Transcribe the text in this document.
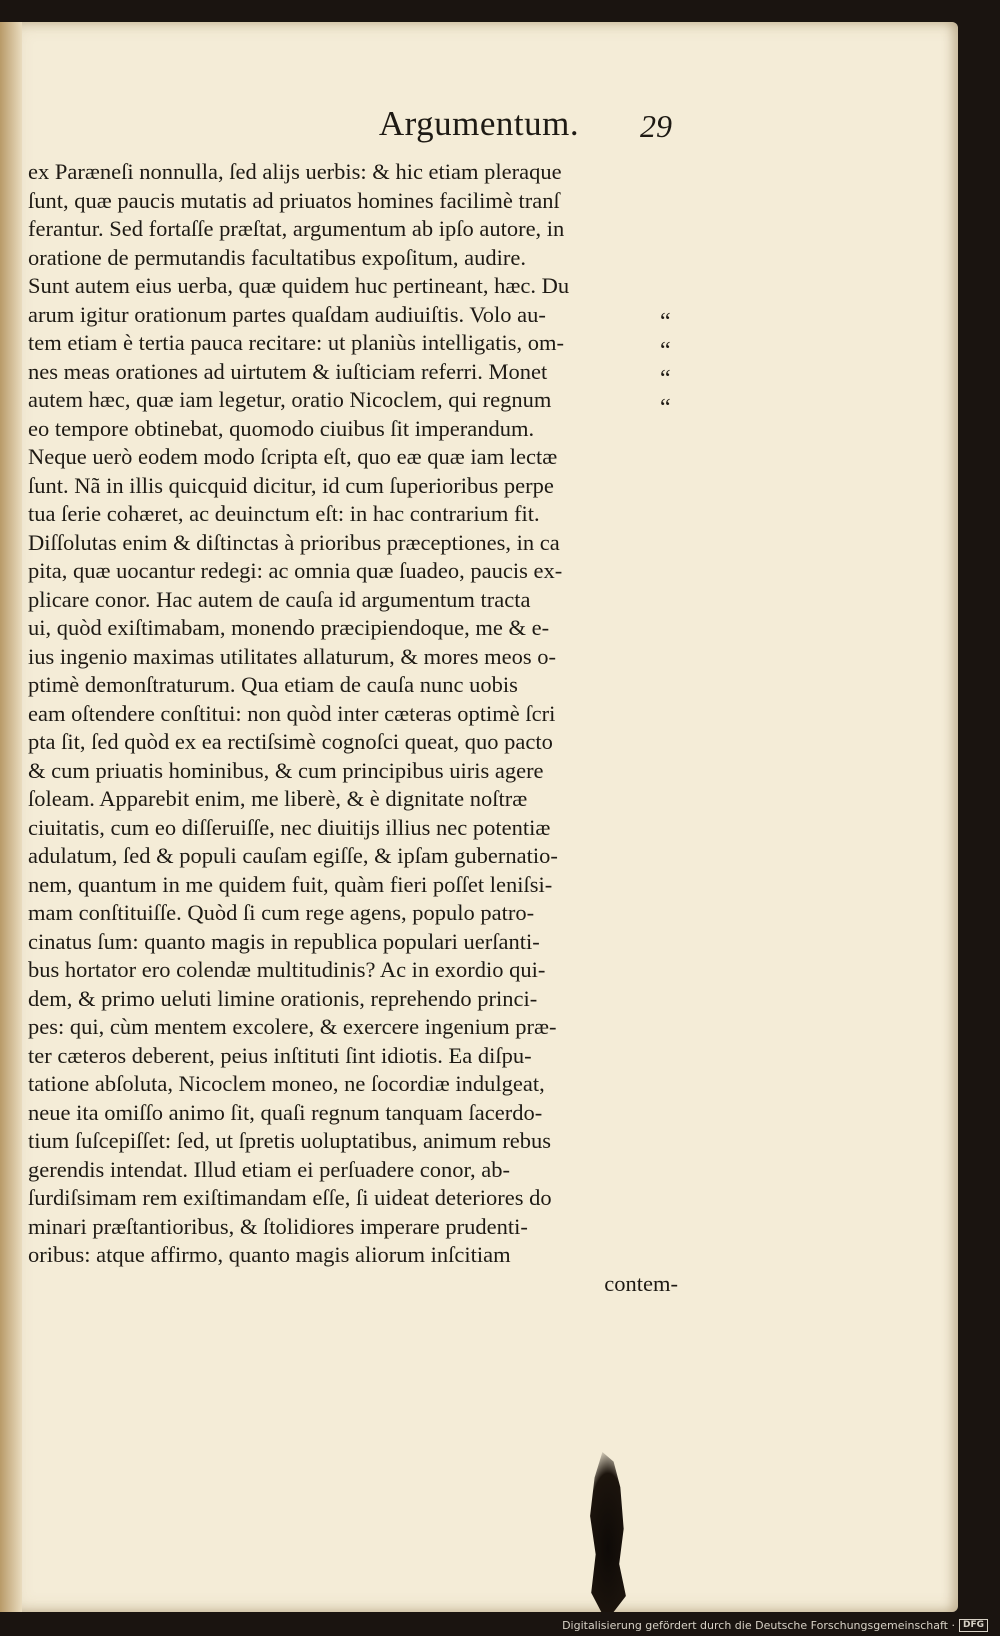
Argumentum.	29
ex Paræneſi nonnulla, ſed alijs uerbis: & hic etiam pleraque
ſunt, quæ paucis mutatis ad priuatos homines facilimè tranſ
ferantur. Sed fortaſſe præſtat, argumentum ab ipſo autore, in
oratione de permutandis facultatibus expoſitum, audire.
Sunt autem eius uerba, quæ quidem huc pertineant, hæc. Du
arum igitur orationum partes quaſdam audiuiſtis. Volo au-
tem etiam è tertia pauca recitare: ut planiùs intelligatis, om-
nes meas orationes ad uirtutem & iuſticiam referri. Monet
autem hæc, quæ iam legetur, oratio Nicoclem, qui regnum
eo tempore obtinebat, quomodo ciuibus ſit imperandum.
Neque uerò eodem modo ſcripta eſt, quo eæ quæ iam lectæ
ſunt. Nã in illis quicquid dicitur, id cum ſuperioribus perpe
tua ſerie cohæret, ac deuinctum eſt: in hac contrarium fit.
Diſſolutas enim & diſtinctas à prioribus præceptiones, in ca
pita, quæ uocantur redegi: ac omnia quæ ſuadeo, paucis ex-
plicare conor. Hac autem de cauſa id argumentum tracta
ui, quòd exiſtimabam, monendo præcipiendoque, me & e-
ius ingenio maximas utilitates allaturum, & mores meos o-
ptimè demonſtraturum. Qua etiam de cauſa nunc uobis
eam oſtendere conſtitui: non quòd inter cæteras optimè ſcri
pta ſit, ſed quòd ex ea rectiſsimè cognoſci queat, quo pacto
& cum priuatis hominibus, & cum principibus uiris agere
ſoleam. Apparebit enim, me liberè, & è dignitate noſtræ
ciuitatis, cum eo diſſeruiſſe, nec diuitijs illius nec potentiæ
adulatum, ſed & populi cauſam egiſſe, & ipſam gubernatio-
nem, quantum in me quidem fuit, quàm fieri poſſet leniſsi-
mam conſtituiſſe. Quòd ſi cum rege agens, populo patro-
cinatus ſum: quanto magis in republica populari uerſanti-
bus hortator ero colendæ multitudinis? Ac in exordio qui-
dem, & primo ueluti limine orationis, reprehendo princi-
pes: qui, cùm mentem excolere, & exercere ingenium præ-
ter cæteros deberent, peius inſtituti ſint idiotis. Ea diſpu-
tatione abſoluta, Nicoclem moneo, ne ſocordiæ indulgeat,
neue ita omiſſo animo ſit, quaſi regnum tanquam ſacerdo-
tium ſuſcepiſſet: ſed, ut ſpretis uoluptatibus, animum rebus
gerendis intendat. Illud etiam ei perſuadere conor, ab-
ſurdiſsimam rem exiſtimandam eſſe, ſi uideat deteriores do
minari præſtantioribus, & ſtolidiores imperare prudenti-
oribus: atque affirmo, quanto magis aliorum inſcitiam
contem-
“
“
“
“
Digitalisierung gefördert durch die Deutsche Forschungsgemeinschaft · DFG
